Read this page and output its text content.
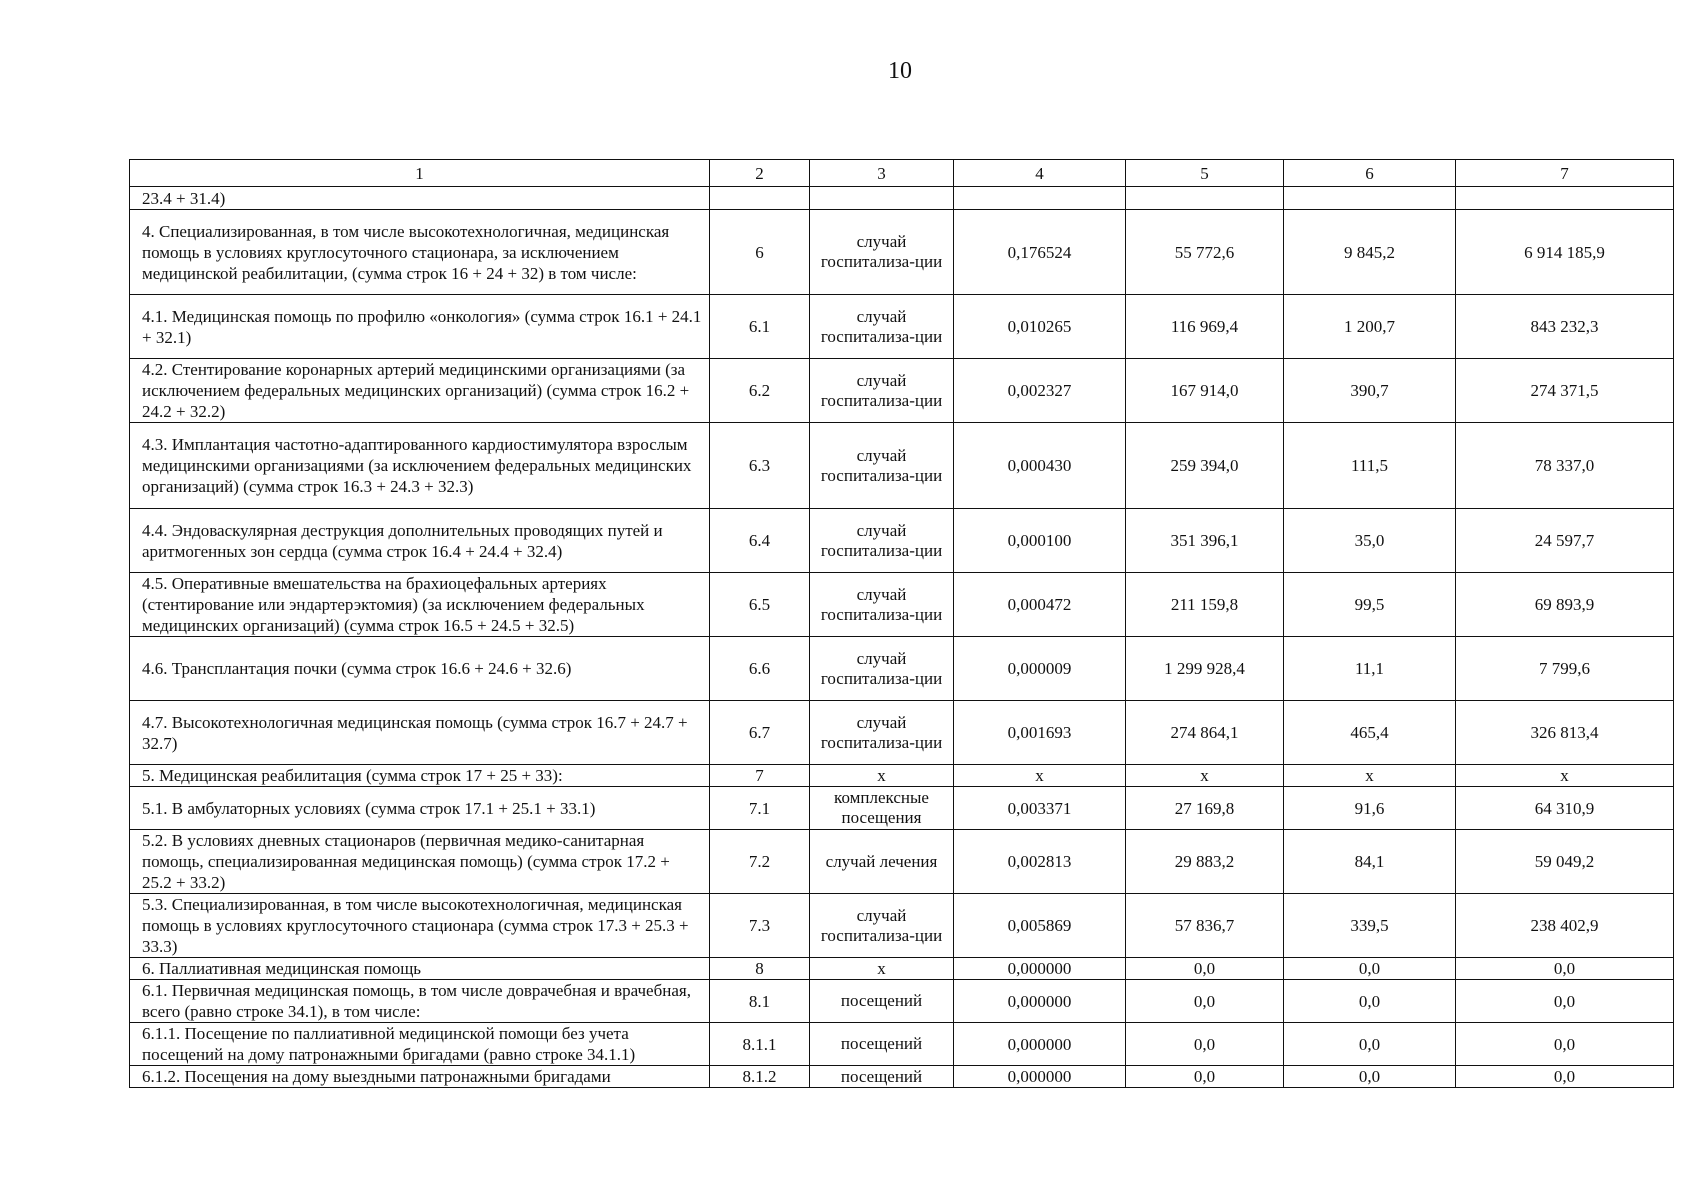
10
1	2	3	4	5	6	7
23.4 + 31.4)						
4. Специализированная, в том числе высокотехнологичная, медицинская помощь в условиях круглосуточного стационара, за исключением медицинской реабилитации, (сумма строк 16 + 24 + 32) в том числе:	6	случай госпитализа-ции	0,176524	55 772,6	9 845,2	6 914 185,9
4.1. Медицинская помощь по профилю «онкология» (сумма строк 16.1 + 24.1 + 32.1)	6.1	случай госпитализа-ции	0,010265	116 969,4	1 200,7	843 232,3
4.2. Стентирование коронарных артерий медицинскими организациями (за исключением федеральных медицинских организаций) (сумма строк 16.2 + 24.2 + 32.2)	6.2	случай госпитализа-ции	0,002327	167 914,0	390,7	274 371,5
4.3. Имплантация частотно-адаптированного кардиостимулятора взрослым медицинскими организациями (за исключением федеральных медицинских организаций) (сумма строк 16.3 + 24.3 + 32.3)	6.3	случай госпитализа-ции	0,000430	259 394,0	111,5	78 337,0
4.4. Эндоваскулярная деструкция дополнительных проводящих путей и аритмогенных зон сердца (сумма строк 16.4 + 24.4 + 32.4)	6.4	случай госпитализа-ции	0,000100	351 396,1	35,0	24 597,7
4.5. Оперативные вмешательства на брахиоцефальных артериях (стентирование или эндартерэктомия) (за исключением федеральных медицинских организаций) (сумма строк 16.5 + 24.5 + 32.5)	6.5	случай госпитализа-ции	0,000472	211 159,8	99,5	69 893,9
4.6. Трансплантация почки (сумма строк 16.6 + 24.6 + 32.6)	6.6	случай госпитализа-ции	0,000009	1 299 928,4	11,1	7 799,6
4.7. Высокотехнологичная медицинская помощь (сумма строк 16.7 + 24.7 + 32.7)	6.7	случай госпитализа-ции	0,001693	274 864,1	465,4	326 813,4
5. Медицинская реабилитация (сумма строк 17 + 25 + 33):	7	х	х	х	х	х
5.1. В амбулаторных условиях (сумма строк 17.1 + 25.1 + 33.1)	7.1	комплексные посещения	0,003371	27 169,8	91,6	64 310,9
5.2. В условиях дневных стационаров (первичная медико-санитарная помощь, специализированная медицинская помощь) (сумма строк 17.2 + 25.2 + 33.2)	7.2	случай лечения	0,002813	29 883,2	84,1	59 049,2
5.3. Специализированная, в том числе высокотехнологичная, медицинская помощь в условиях круглосуточного стационара (сумма строк 17.3 + 25.3 + 33.3)	7.3	случай госпитализа-ции	0,005869	57 836,7	339,5	238 402,9
6. Паллиативная медицинская помощь	8	х	0,000000	0,0	0,0	0,0
6.1. Первичная медицинская помощь, в том числе доврачебная и врачебная, всего (равно строке 34.1), в том числе:	8.1	посещений	0,000000	0,0	0,0	0,0
6.1.1. Посещение по паллиативной медицинской помощи без учета посещений на дому патронажными бригадами (равно строке 34.1.1)	8.1.1	посещений	0,000000	0,0	0,0	0,0
6.1.2. Посещения на дому выездными патронажными бригадами	8.1.2	посещений	0,000000	0,0	0,0	0,0
